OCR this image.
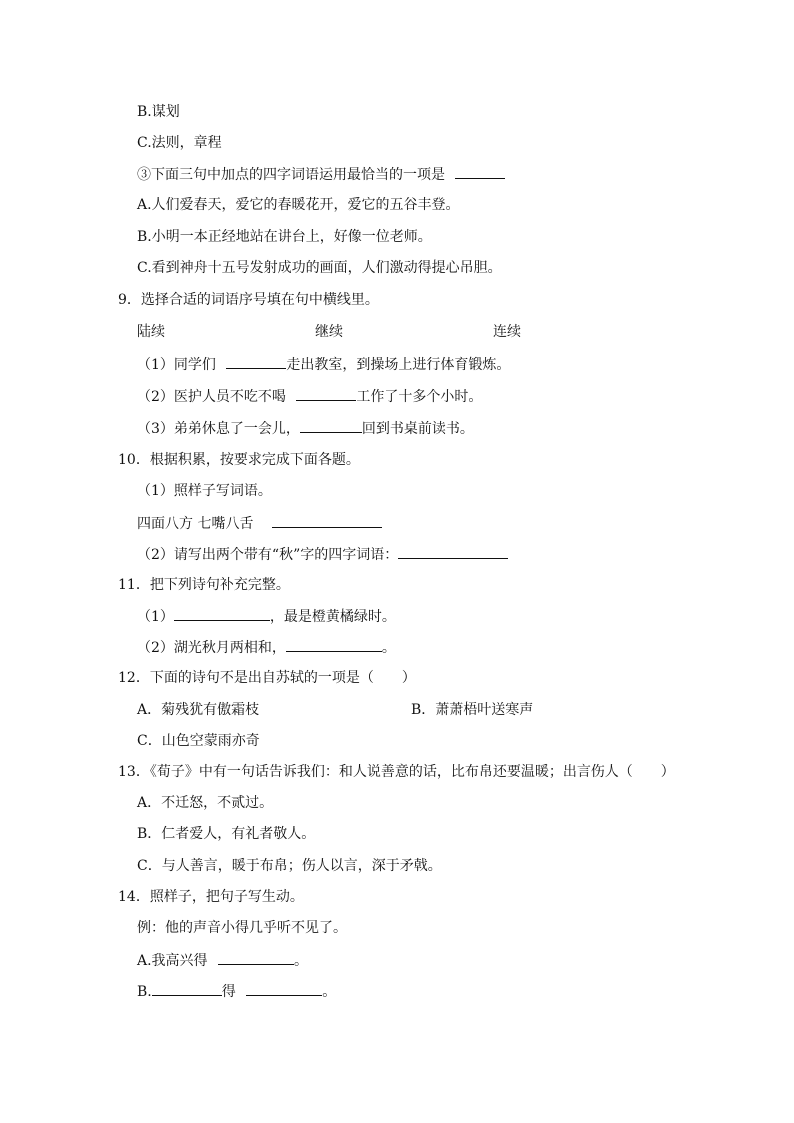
B.谋划
C.法则，章程
③下面三句中加点的四字词语运用最恰当的一项是
A.人们爱春天，爱它的春暖花开，爱它的五谷丰登。
B.小明一本正经地站在讲台上，好像一位老师。
C.看到神舟十五号发射成功的画面，人们激动得提心吊胆。
9．选择合适的词语序号填在句中横线里。
陆续	继续	连续
（1）同学们	走出教室，到操场上进行体育锻炼。
（2）医护人员不吃不喝	工作了十多个小时。
（3）弟弟休息了一会儿，	回到书桌前读书。
10．根据积累，按要求完成下面各题。
（1）照样子写词语。
四面八方 七嘴八舌
（2）请写出两个带有“秋”字的四字词语：
11．把下列诗句补充完整。
（1）	，最是橙黄橘绿时。
（2）湖光秋月两相和，	。
12．下面的诗句不是出自苏轼的一项是（　　）
A．菊残犹有傲霜枝	B．萧萧梧叶送寒声
C．山色空蒙雨亦奇
13．《荀子》中有一句话告诉我们：和人说善意的话，比布帛还要温暖；出言伤人（　　）
A．不迁怒，不贰过。
B．仁者爱人，有礼者敬人。
C．与人善言，暖于布帛；伤人以言，深于矛戟。
14．照样子，把句子写生动。
例：他的声音小得几乎听不见了。
A.我高兴得	。
B.	得	。
